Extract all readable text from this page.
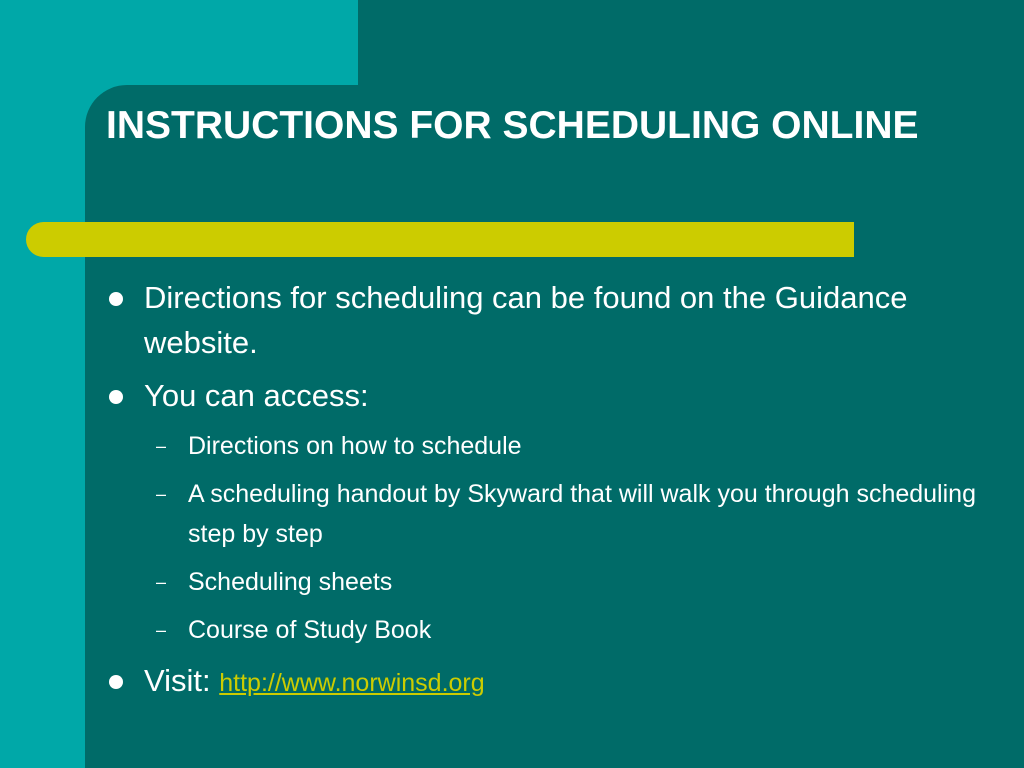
INSTRUCTIONS FOR SCHEDULING ONLINE
Directions for scheduling can be found on the Guidance website.
You can access:
– Directions on how to schedule
– A scheduling handout by Skyward that will walk you through scheduling step by step
– Scheduling sheets
– Course of Study Book
Visit: http://www.norwinsd.org
